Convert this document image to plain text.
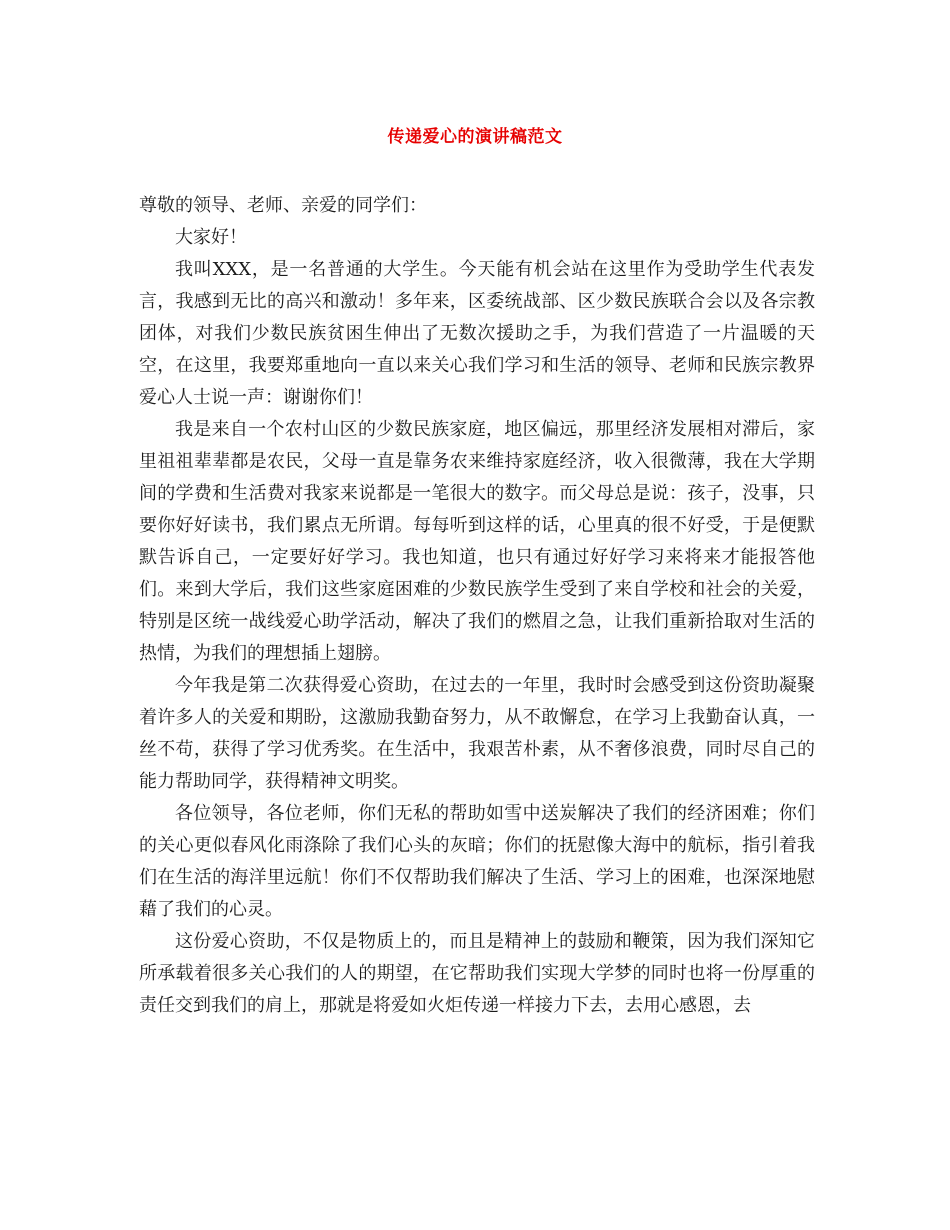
传递爱心的演讲稿范文

尊敬的领导、老师、亲爱的同学们：

大家好！

我叫XXX，是一名普通的大学生。今天能有机会站在这里作为受助学生代表发言，我感到无比的高兴和激动！多年来，区委统战部、区少数民族联合会以及各宗教团体，对我们少数民族贫困生伸出了无数次援助之手，为我们营造了一片温暖的天空，在这里，我要郑重地向一直以来关心我们学习和生活的领导、老师和民族宗教界爱心人士说一声：谢谢你们！

我是来自一个农村山区的少数民族家庭，地区偏远，那里经济发展相对滞后，家里祖祖辈辈都是农民，父母一直是靠务农来维持家庭经济，收入很微薄，我在大学期间的学费和生活费对我家来说都是一笔很大的数字。而父母总是说：孩子，没事，只要你好好读书，我们累点无所谓。每每听到这样的话，心里真的很不好受，于是便默默告诉自己，一定要好好学习。我也知道，也只有通过好好学习来将来才能报答他们。来到大学后，我们这些家庭困难的少数民族学生受到了来自学校和社会的关爱，特别是区统一战线爱心助学活动，解决了我们的燃眉之急，让我们重新拾取对生活的热情，为我们的理想插上翅膀。

今年我是第二次获得爱心资助，在过去的一年里，我时时会感受到这份资助凝聚着许多人的关爱和期盼，这激励我勤奋努力，从不敢懈怠，在学习上我勤奋认真，一丝不苟，获得了学习优秀奖。在生活中，我艰苦朴素，从不奢侈浪费，同时尽自己的能力帮助同学，获得精神文明奖。

各位领导，各位老师，你们无私的帮助如雪中送炭解决了我们的经济困难；你们的关心更似春风化雨涤除了我们心头的灰暗；你们的抚慰像大海中的航标，指引着我们在生活的海洋里远航！你们不仅帮助我们解决了生活、学习上的困难，也深深地慰藉了我们的心灵。

这份爱心资助，不仅是物质上的，而且是精神上的鼓励和鞭策，因为我们深知它所承载着很多关心我们的人的期望，在它帮助我们实现大学梦的同时也将一份厚重的责任交到我们的肩上，那就是将爱如火炬传递一样接力下去，去用心感恩，去
